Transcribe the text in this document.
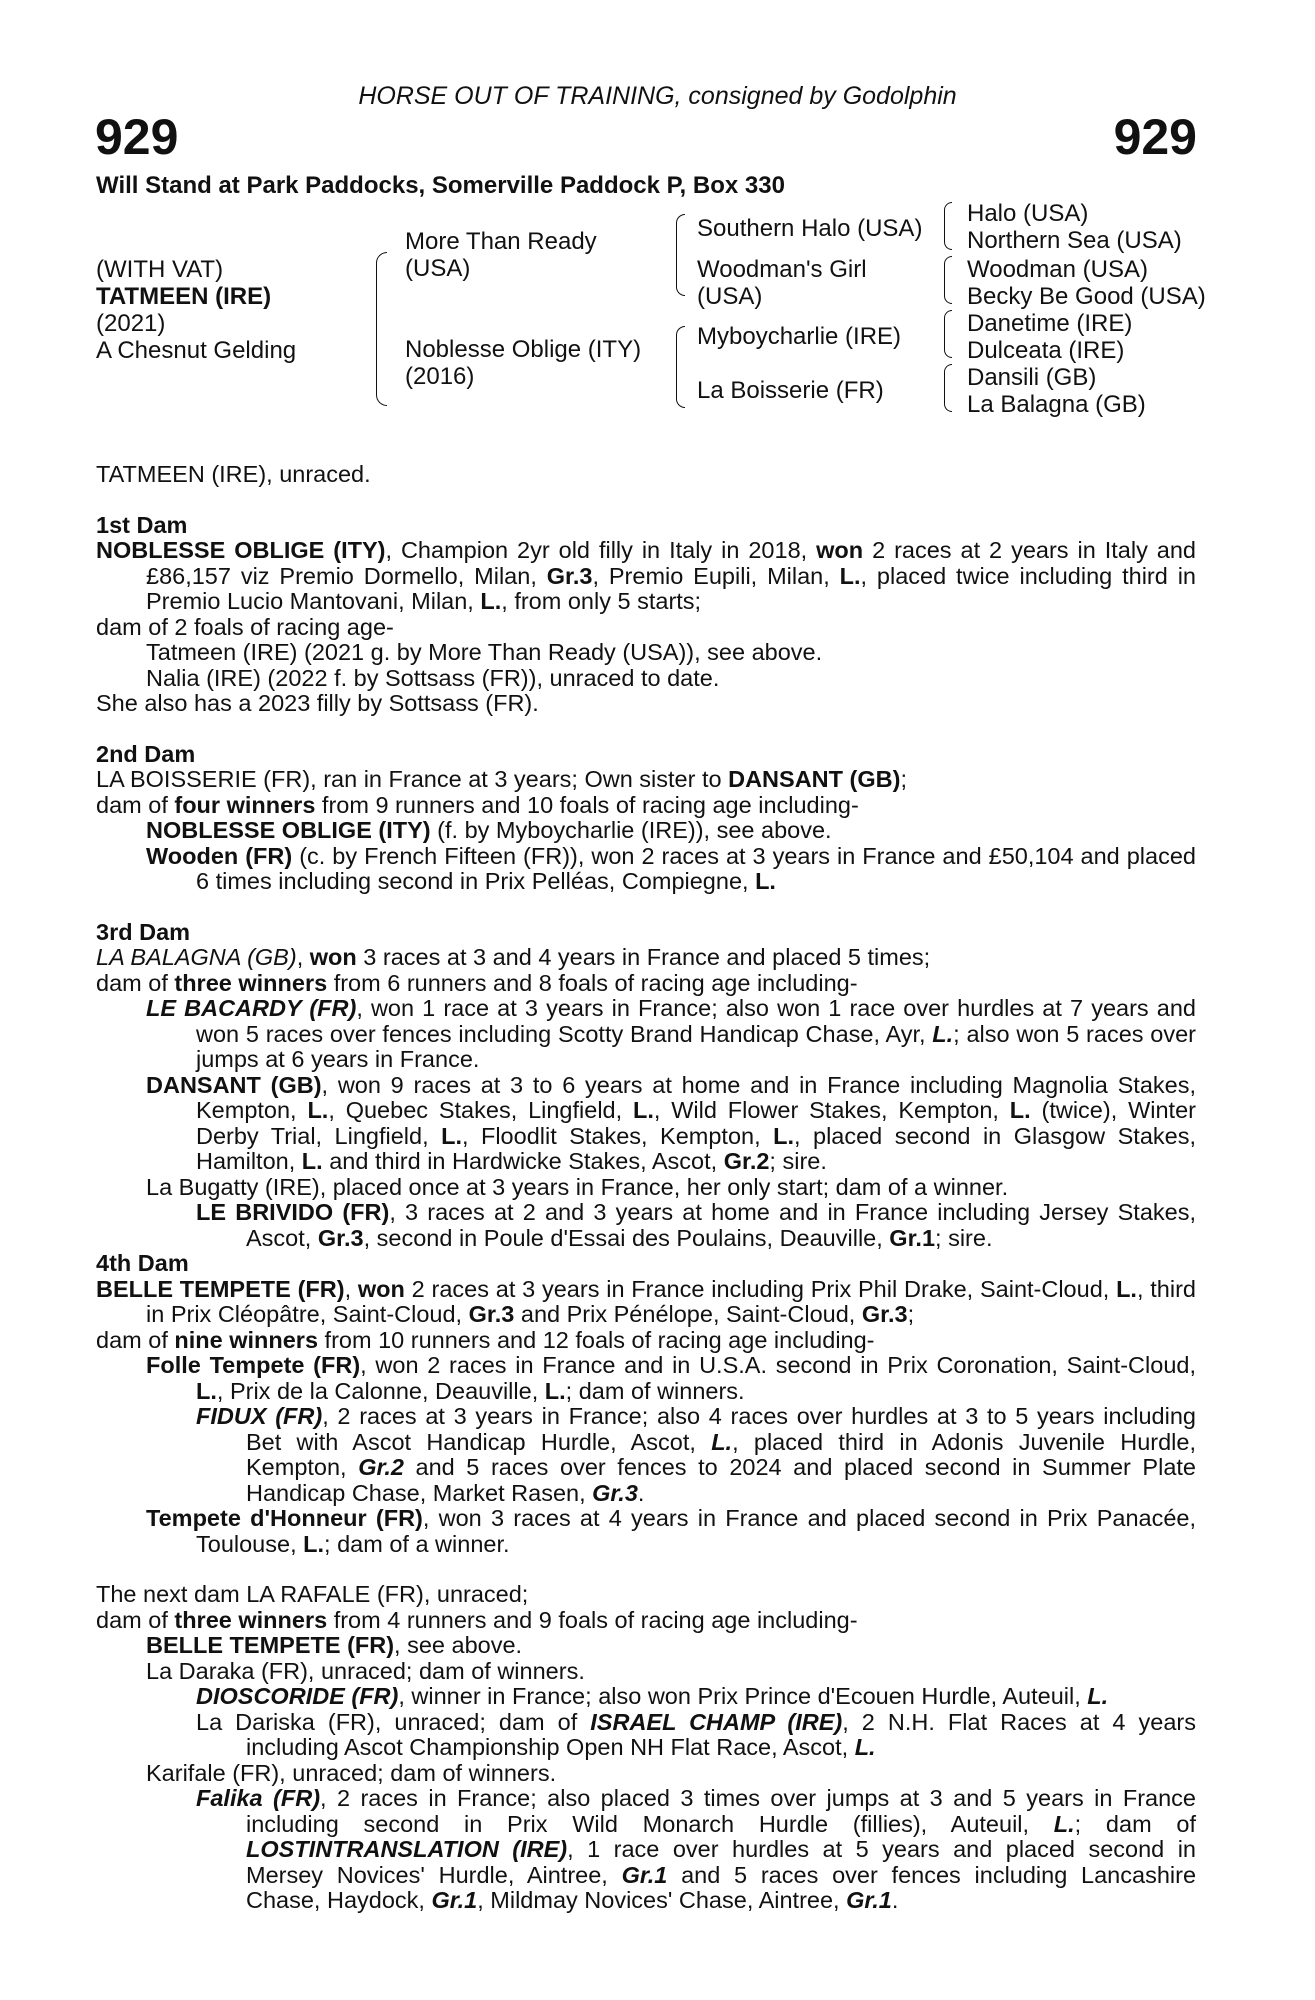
HORSE OUT OF TRAINING, consigned by Godolphin
929	929
Will Stand at Park Paddocks, Somerville Paddock P, Box 330
(WITH VAT)
TATMEEN (IRE)
(2021)
A Chesnut Gelding
More Than Ready
(USA)
Noblesse Oblige (ITY)
(2016)
Southern Halo (USA)
Woodman's Girl
(USA)
Myboycharlie (IRE)
La Boisserie (FR)
Halo (USA)
Northern Sea (USA)
Woodman (USA)
Becky Be Good (USA)
Danetime (IRE)
Dulceata (IRE)
Dansili (GB)
La Balagna (GB)

TATMEEN (IRE), unraced.

1st Dam

NOBLESSE OBLIGE (ITY), Champion 2yr old filly in Italy in 2018, won 2 races at 2 years in Italy and £86,157 viz Premio Dormello, Milan, Gr.3, Premio Eupili, Milan, L., placed twice including third in Premio Lucio Mantovani, Milan, L., from only 5 starts;

dam of 2 foals of racing age-

Tatmeen (IRE) (2021 g. by More Than Ready (USA)), see above.

Nalia (IRE) (2022 f. by Sottsass (FR)), unraced to date.

She also has a 2023 filly by Sottsass (FR).

2nd Dam

LA BOISSERIE (FR), ran in France at 3 years; Own sister to DANSANT (GB);

dam of four winners from 9 runners and 10 foals of racing age including-

NOBLESSE OBLIGE (ITY) (f. by Myboycharlie (IRE)), see above.

Wooden (FR) (c. by French Fifteen (FR)), won 2 races at 3 years in France and £50,104 and placed 6 times including second in Prix Pelléas, Compiegne, L.

3rd Dam

LA BALAGNA (GB), won 3 races at 3 and 4 years in France and placed 5 times;

dam of three winners from 6 runners and 8 foals of racing age including-

LE BACARDY (FR), won 1 race at 3 years in France; also won 1 race over hurdles at 7 years and won 5 races over fences including Scotty Brand Handicap Chase, Ayr, L.; also won 5 races over jumps at 6 years in France.

DANSANT (GB), won 9 races at 3 to 6 years at home and in France including Magnolia Stakes, Kempton, L., Quebec Stakes, Lingfield, L., Wild Flower Stakes, Kempton, L. (twice), Winter Derby Trial, Lingfield, L., Floodlit Stakes, Kempton, L., placed second in Glasgow Stakes, Hamilton, L. and third in Hardwicke Stakes, Ascot, Gr.2; sire.

La Bugatty (IRE), placed once at 3 years in France, her only start; dam of a winner.

LE BRIVIDO (FR), 3 races at 2 and 3 years at home and in France including Jersey Stakes, Ascot, Gr.3, second in Poule d'Essai des Poulains, Deauville, Gr.1; sire.

4th Dam

BELLE TEMPETE (FR), won 2 races at 3 years in France including Prix Phil Drake, Saint-Cloud, L., third in Prix Cléopâtre, Saint-Cloud, Gr.3 and Prix Pénélope, Saint-Cloud, Gr.3;

dam of nine winners from 10 runners and 12 foals of racing age including-

Folle Tempete (FR), won 2 races in France and in U.S.A. second in Prix Coronation, Saint-Cloud, L., Prix de la Calonne, Deauville, L.; dam of winners.

FIDUX (FR), 2 races at 3 years in France; also 4 races over hurdles at 3 to 5 years including Bet with Ascot Handicap Hurdle, Ascot, L., placed third in Adonis Juvenile Hurdle, Kempton, Gr.2 and 5 races over fences to 2024 and placed second in Summer Plate Handicap Chase, Market Rasen, Gr.3.

Tempete d'Honneur (FR), won 3 races at 4 years in France and placed second in Prix Panacée, Toulouse, L.; dam of a winner.

The next dam LA RAFALE (FR), unraced;

dam of three winners from 4 runners and 9 foals of racing age including-

BELLE TEMPETE (FR), see above.

La Daraka (FR), unraced; dam of winners.

DIOSCORIDE (FR), winner in France; also won Prix Prince d'Ecouen Hurdle, Auteuil, L.

La Dariska (FR), unraced; dam of ISRAEL CHAMP (IRE), 2 N.H. Flat Races at 4 years including Ascot Championship Open NH Flat Race, Ascot, L.

Karifale (FR), unraced; dam of winners.

Falika (FR), 2 races in France; also placed 3 times over jumps at 3 and 5 years in France including second in Prix Wild Monarch Hurdle (fillies), Auteuil, L.; dam of LOSTINTRANSLATION (IRE), 1 race over hurdles at 5 years and placed second in Mersey Novices' Hurdle, Aintree, Gr.1 and 5 races over fences including Lancashire Chase, Haydock, Gr.1, Mildmay Novices' Chase, Aintree, Gr.1.
